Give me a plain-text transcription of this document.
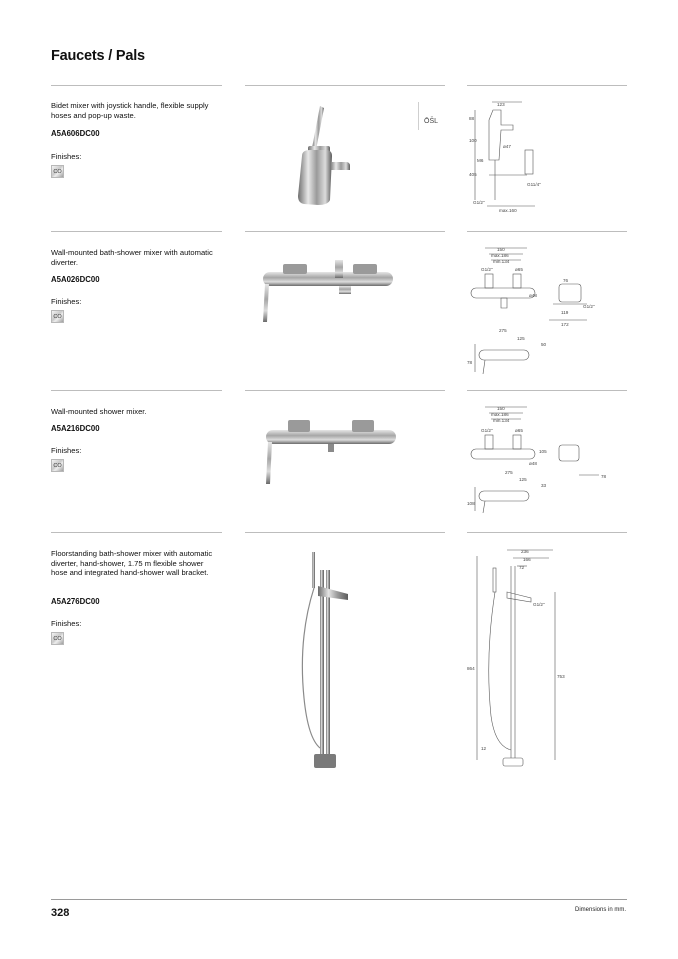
Faucets / Pals
Bidet mixer with joystick handle, flexible supply hoses and pop-up waste.
A5A606DC00
Finishes:
CO
ŌŠL
123
88
100
ø47
M6
405
G1/2"
G11/4"
max.160
Wall-mounted bath-shower mixer with automatic diverter.
A5A026DC00
Finishes:
CO
150
max.186
min.134
ø65
G1/2"
ø48
76
G1/2"
119
172
275
125
50
78
Wall-mounted shower mixer.
A5A216DC00
Finishes:
CO
150
max.186
min.134
ø65
G1/2"
105
ø48
78
275
125
33
108
Floorstanding bath-shower mixer with automatic diverter, hand-shower, 1.75 m flexible shower hose and integrated hand-shower wall bracket.
A5A276DC00
Finishes:
CO
236
166
72
G1/2"
864
753
12
328	Dimensions in mm.
